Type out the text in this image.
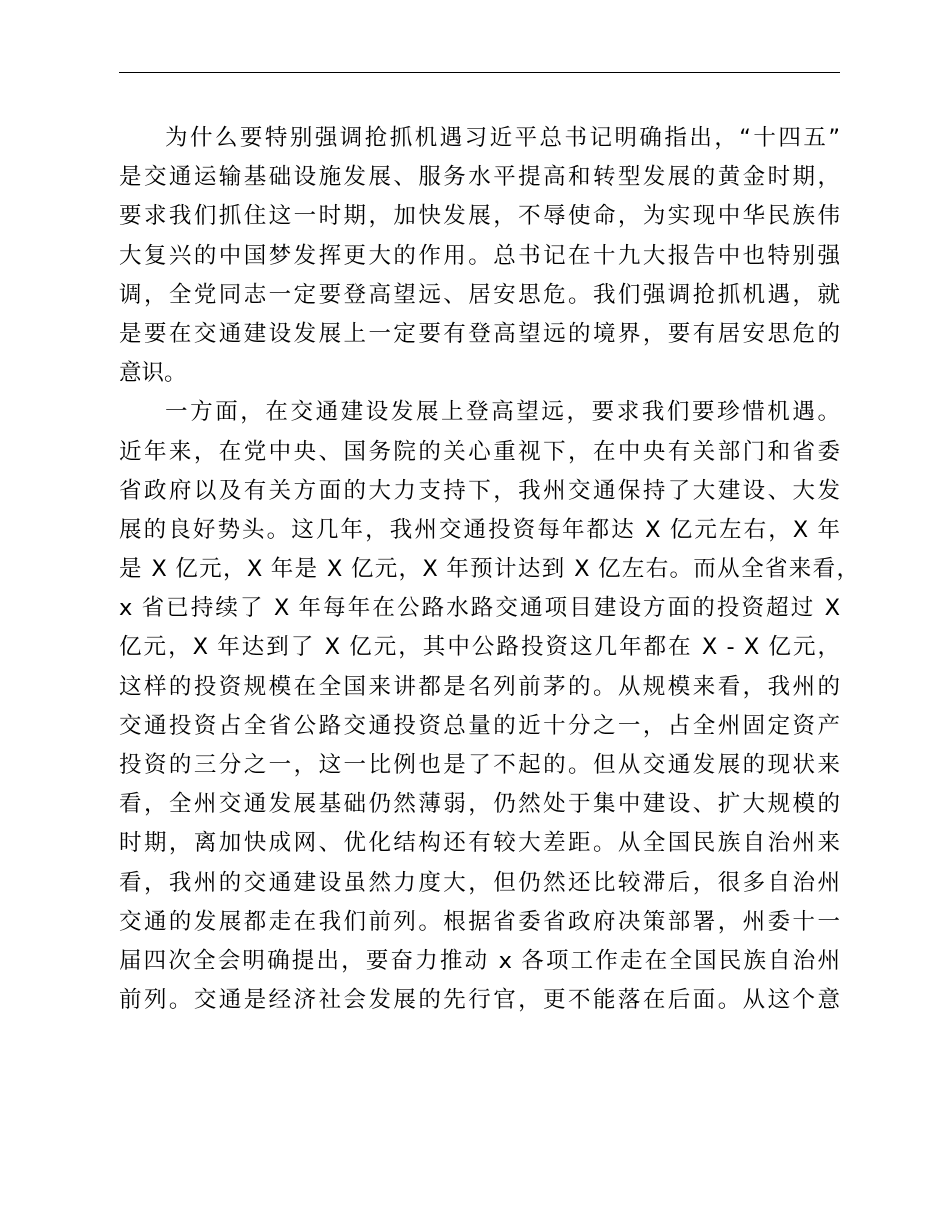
为什么要特别强调抢抓机遇习近平总书记明确指出，“十四五”
是交通运输基础设施发展、服务水平提高和转型发展的黄金时期，
要求我们抓住这一时期，加快发展，不辱使命，为实现中华民族伟
大复兴的中国梦发挥更大的作用。总书记在十九大报告中也特别强
调，全党同志一定要登高望远、居安思危。我们强调抢抓机遇，就
是要在交通建设发展上一定要有登高望远的境界，要有居安思危的
意识。
一方面，在交通建设发展上登高望远，要求我们要珍惜机遇。
近年来，在党中央、国务院的关心重视下，在中央有关部门和省委
省政府以及有关方面的大力支持下，我州交通保持了大建设、大发
展的良好势头。这几年，我州交通投资每年都达 X 亿元左右，X 年
是 X 亿元，X 年是 X 亿元，X 年预计达到 X 亿左右。而从全省来看，
x 省已持续了 X 年每年在公路水路交通项目建设方面的投资超过 X
亿元，X 年达到了 X 亿元，其中公路投资这几年都在 X - X 亿元，
这样的投资规模在全国来讲都是名列前茅的。从规模来看，我州的
交通投资占全省公路交通投资总量的近十分之一，占全州固定资产
投资的三分之一，这一比例也是了不起的。但从交通发展的现状来
看，全州交通发展基础仍然薄弱，仍然处于集中建设、扩大规模的
时期，离加快成网、优化结构还有较大差距。从全国民族自治州来
看，我州的交通建设虽然力度大，但仍然还比较滞后，很多自治州
交通的发展都走在我们前列。根据省委省政府决策部署，州委十一
届四次全会明确提出，要奋力推动 x 各项工作走在全国民族自治州
前列。交通是经济社会发展的先行官，更不能落在后面。从这个意
